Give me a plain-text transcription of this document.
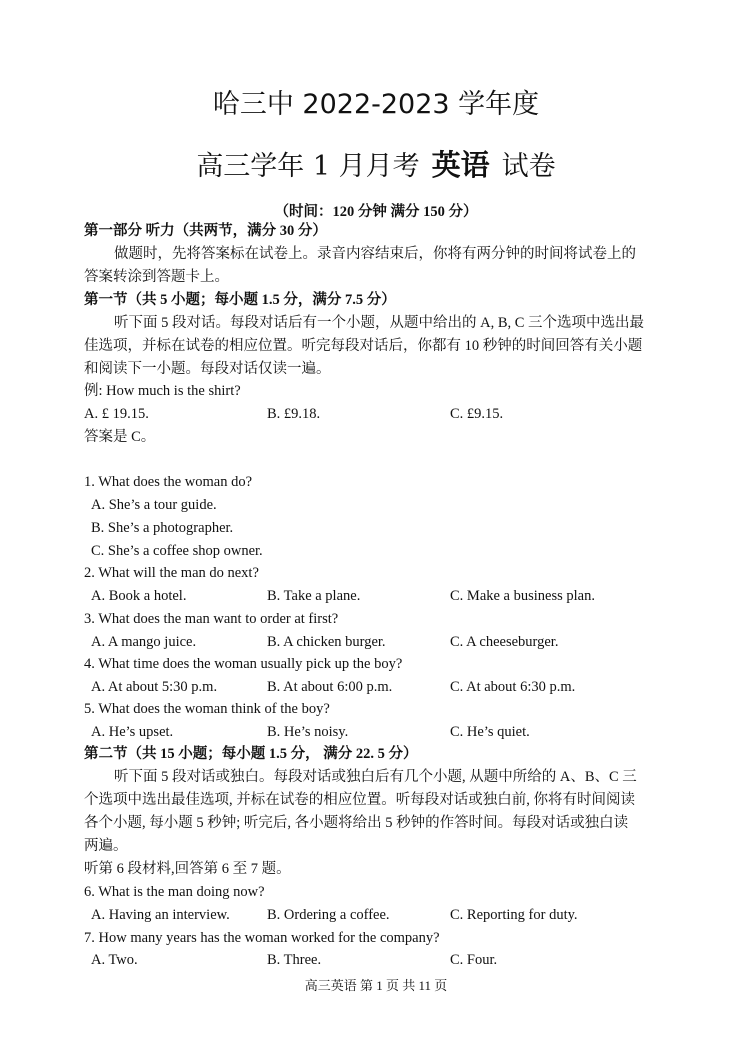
哈三中 2022-2023 学年度
高三学年 1 月月考 英语 试卷
（时间：120 分钟 满分 150 分）
第一部分 听力（共两节，满分 30 分）
做题时，先将答案标在试卷上。录音内容结束后，你将有两分钟的时间将试卷上的
答案转涂到答题卡上。
第一节（共 5 小题；每小题 1.5 分，满分 7.5 分）
听下面 5 段对话。每段对话后有一个小题，从题中给出的 A, B, C 三个选项中选出最
佳选项，并标在试卷的相应位置。听完每段对话后，你都有 10 秒钟的时间回答有关小题
和阅读下一小题。每段对话仅读一遍。
例: How much is the shirt?
A. £ 19.15.	B. £9.18.	C. £9.15.
答案是 C。
1. What does the woman do?
A. She’s a tour guide.
B. She’s a photographer.
C. She’s a coffee shop owner.
2. What will the man do next?
A. Book a hotel.	B. Take a plane.	C. Make a business plan.
3. What does the man want to order at first?
A. A mango juice.	B. A chicken burger.	C. A cheeseburger.
4. What time does the woman usually pick up the boy?
A. At about 5:30 p.m.	B. At about 6:00 p.m.	C. At about 6:30 p.m.
5. What does the woman think of the boy?
A. He’s upset.	B. He’s noisy.	C. He’s quiet.
第二节（共 15 小题；每小题 1.5 分， 满分 22. 5 分）
听下面 5 段对话或独白。每段对话或独白后有几个小题, 从题中所给的 A、B、C 三
个选项中选出最佳选项, 并标在试卷的相应位置。听每段对话或独白前, 你将有时间阅读
各个小题, 每小题 5 秒钟; 听完后, 各小题将给出 5 秒钟的作答时间。每段对话或独白读
两遍。
听第 6 段材料,回答第 6 至 7 题。
6. What is the man doing now?
A. Having an interview.	B. Ordering a coffee.	C. Reporting for duty.
7. How many years has the woman worked for the company?
A. Two.	B. Three.	C. Four.
高三英语 第 1 页 共 11 页
